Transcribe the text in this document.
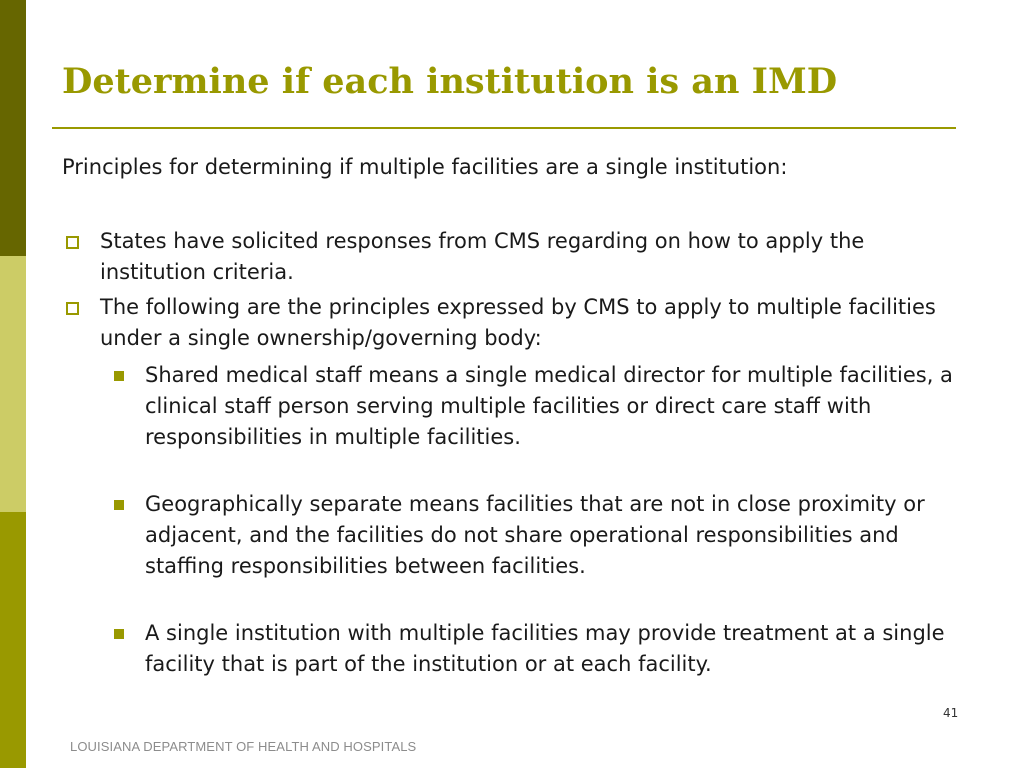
Determine if each institution is an IMD
Principles for determining if multiple facilities are a single institution:
States have solicited responses from CMS regarding on how to apply the institution criteria.
The following are the principles expressed by CMS to apply to multiple facilities under a single ownership/governing body:
Shared medical staff means a single medical director for multiple facilities, a clinical staff person serving multiple facilities or direct care staff with responsibilities in multiple facilities.
Geographically separate means facilities that are not in close proximity or adjacent, and the facilities do not share operational responsibilities and staffing responsibilities between facilities.
A single institution with multiple facilities may provide treatment at a single facility that is part of the institution or at each facility.
41
LOUISIANA DEPARTMENT OF HEALTH AND HOSPITALS
